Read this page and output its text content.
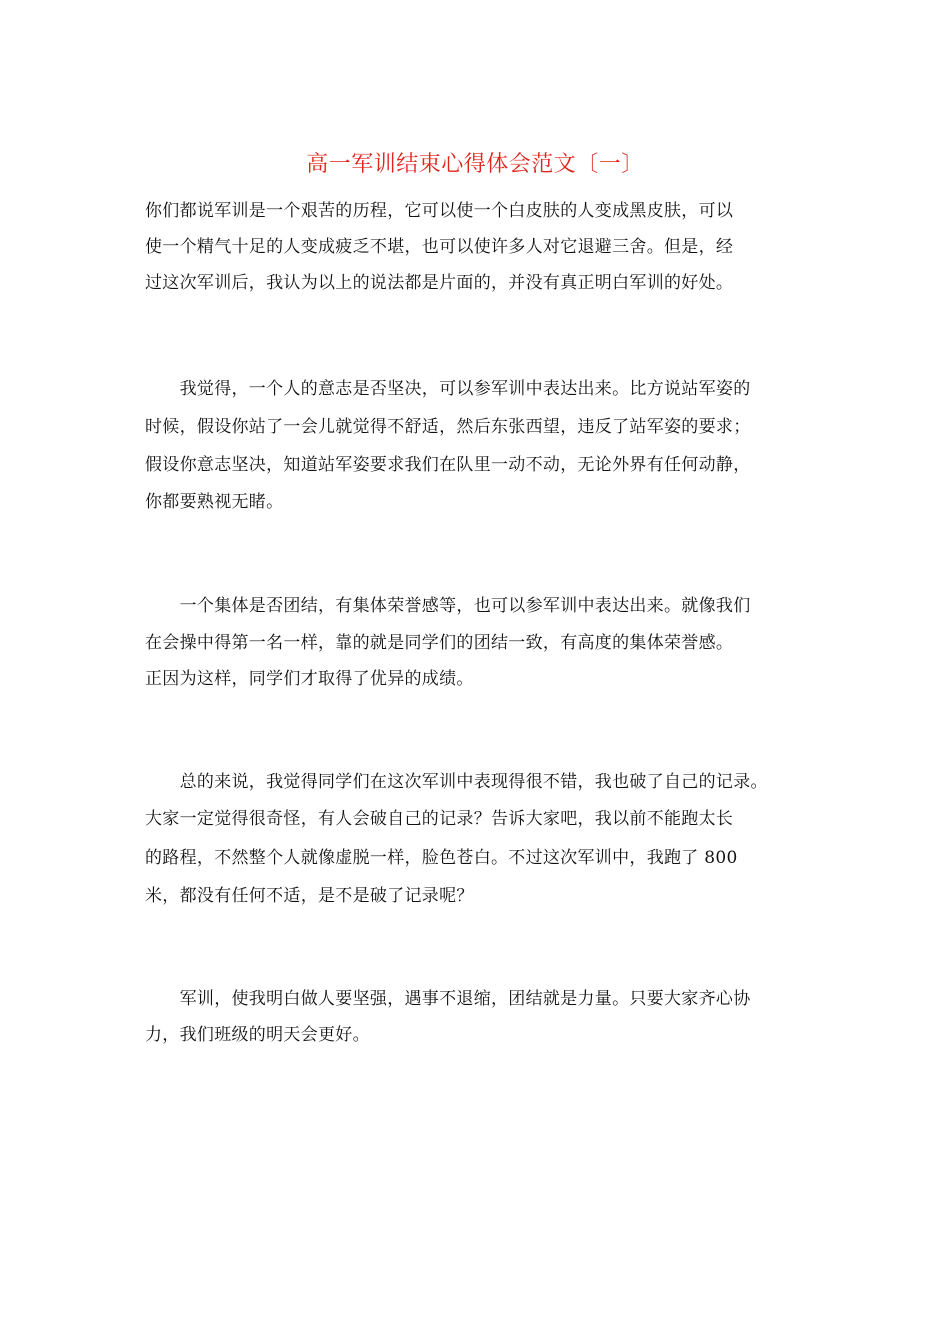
高一军训结束心得体会范文〔一〕
你们都说军训是一个艰苦的历程，它可以使一个白皮肤的人变成黑皮肤，可以
使一个精气十足的人变成疲乏不堪，也可以使许多人对它退避三舍。但是，经
过这次军训后，我认为以上的说法都是片面的，并没有真正明白军训的好处。
　　我觉得，一个人的意志是否坚决，可以参军训中表达出来。比方说站军姿的
时候，假设你站了一会儿就觉得不舒适，然后东张西望，违反了站军姿的要求；
假设你意志坚决，知道站军姿要求我们在队里一动不动，无论外界有任何动静，
你都要熟视无睹。
　　一个集体是否团结，有集体荣誉感等，也可以参军训中表达出来。就像我们
在会操中得第一名一样，靠的就是同学们的团结一致，有高度的集体荣誉感。
正因为这样，同学们才取得了优异的成绩。
　　总的来说，我觉得同学们在这次军训中表现得很不错，我也破了自己的记录。
大家一定觉得很奇怪，有人会破自己的记录？告诉大家吧，我以前不能跑太长
的路程，不然整个人就像虚脱一样，脸色苍白。不过这次军训中，我跑了 800
米，都没有任何不适，是不是破了记录呢？
　　军训，使我明白做人要坚强，遇事不退缩，团结就是力量。只要大家齐心协
力，我们班级的明天会更好。
